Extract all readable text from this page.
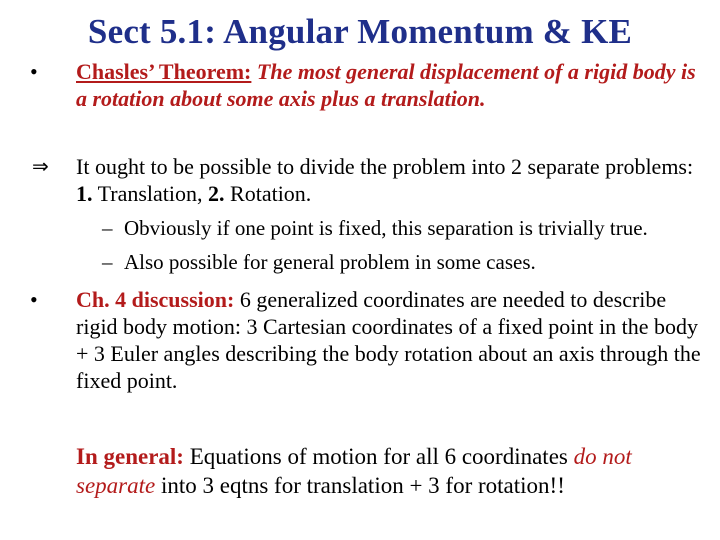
Sect 5.1: Angular Momentum & KE
• Chasles’ Theorem: The most general displacement of a rigid body is a rotation about some axis plus a translation.
⇒ It ought to be possible to divide the problem into 2 separate problems: 1. Translation, 2. Rotation.
– Obviously if one point is fixed, this separation is trivially true.
– Also possible for general problem in some cases.
• Ch. 4 discussion: 6 generalized coordinates are needed to describe rigid body motion: 3 Cartesian coordinates of a fixed point in the body + 3 Euler angles describing the body rotation about an axis through the fixed point.
In general: Equations of motion for all 6 coordinates do not separate into 3 eqtns for translation + 3 for rotation!!
